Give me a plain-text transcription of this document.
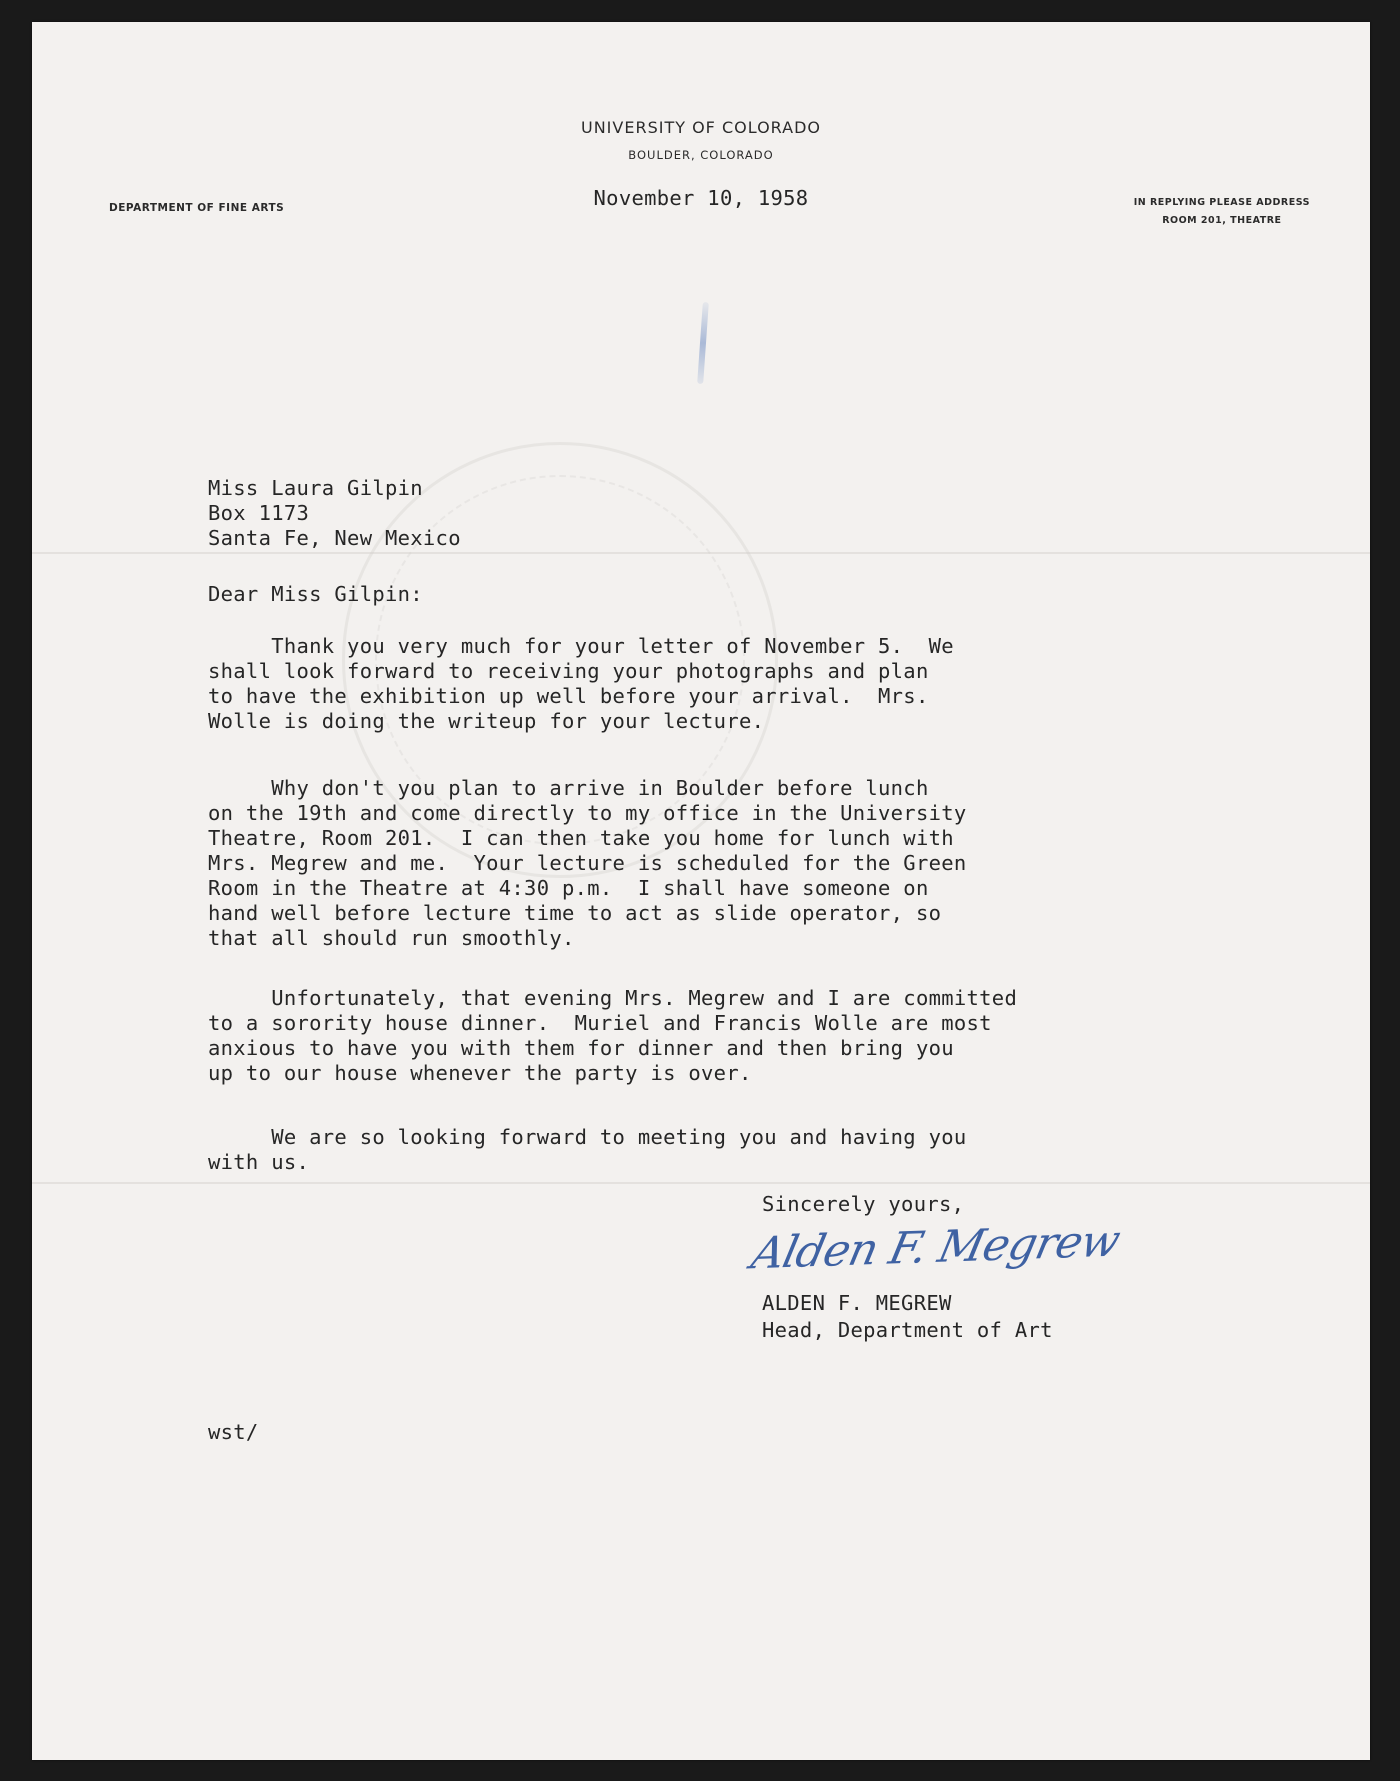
UNIVERSITY OF COLORADO
BOULDER, COLORADO
DEPARTMENT OF FINE ARTS	IN REPLYING PLEASE ADDRESS
ROOM 201, THEATRE
November 10, 1958
Miss Laura Gilpin
Box 1173
Santa Fe, New Mexico
Dear Miss Gilpin:
Thank you very much for your letter of November 5.  We
shall look forward to receiving your photographs and plan
to have the exhibition up well before your arrival.  Mrs.
Wolle is doing the writeup for your lecture.
Why don't you plan to arrive in Boulder before lunch
on the 19th and come directly to my office in the University
Theatre, Room 201.  I can then take you home for lunch with
Mrs. Megrew and me.  Your lecture is scheduled for the Green
Room in the Theatre at 4:30 p.m.  I shall have someone on
hand well before lecture time to act as slide operator, so
that all should run smoothly.
Unfortunately, that evening Mrs. Megrew and I are committed
to a sorority house dinner.  Muriel and Francis Wolle are most
anxious to have you with them for dinner and then bring you
up to our house whenever the party is over.
We are so looking forward to meeting you and having you
with us.
Sincerely yours,
Alden F. Megrew
ALDEN F. MEGREW
Head, Department of Art
wst/
